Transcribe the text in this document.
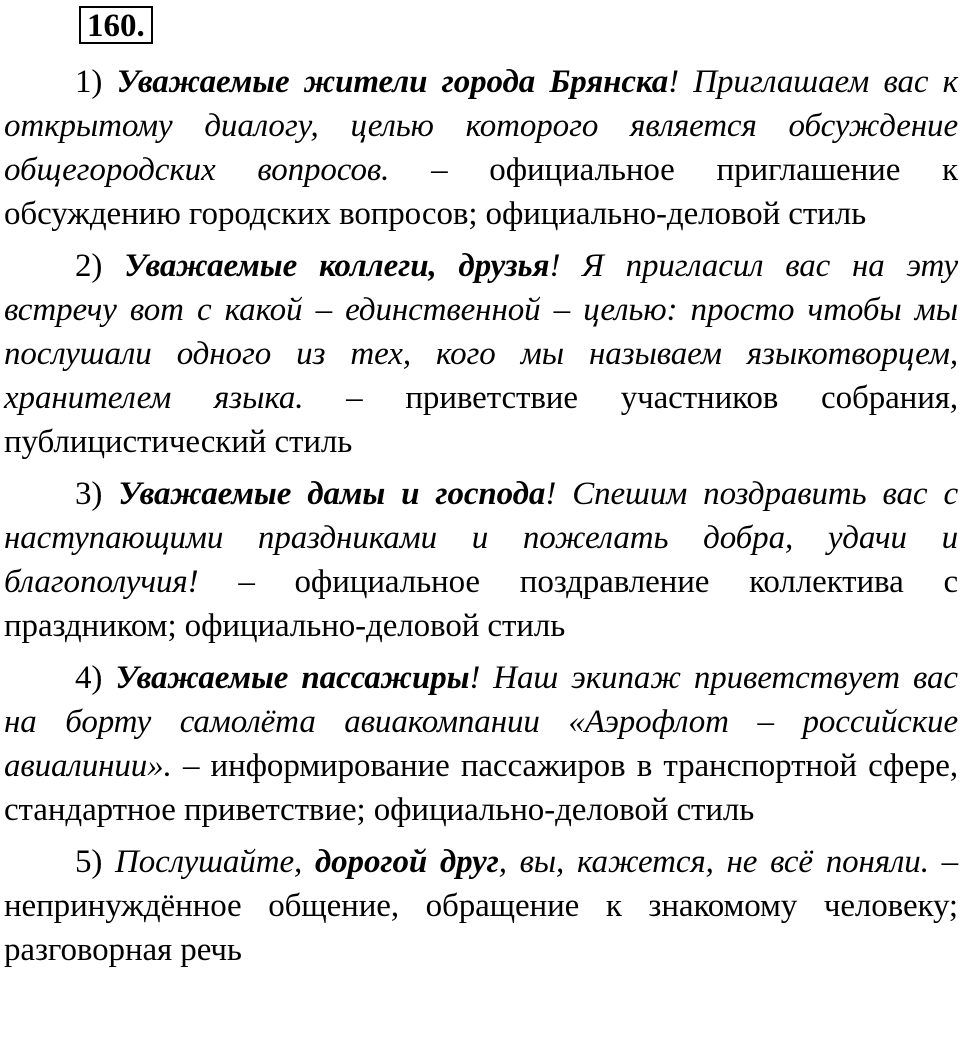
160.

1) Уважаемые жители города Брянска! Приглашаем вас к открытому диалогу, целью которого является обсуждение общегородских вопросов. – официальное приглашение к обсуждению городских вопросов; официально-деловой стиль

2) Уважаемые коллеги, друзья! Я пригласил вас на эту встречу вот с какой – единственной – целью: просто чтобы мы послушали одного из тех, кого мы называем языкотворцем, хранителем языка. – приветствие участников собрания, публицистический стиль

3) Уважаемые дамы и господа! Спешим поздравить вас с наступающими праздниками и пожелать добра, удачи и благополучия! – официальное поздравление коллектива с праздником; официально-деловой стиль

4) Уважаемые пассажиры! Наш экипаж приветствует вас на борту самолёта авиакомпании «Аэрофлот – российские авиалинии». – информирование пассажиров в транспортной сфере, стандартное приветствие; официально-деловой стиль

5) Послушайте, дорогой друг, вы, кажется, не всё поняли. – непринуждённое общение, обращение к знакомому человеку; разговорная речь
